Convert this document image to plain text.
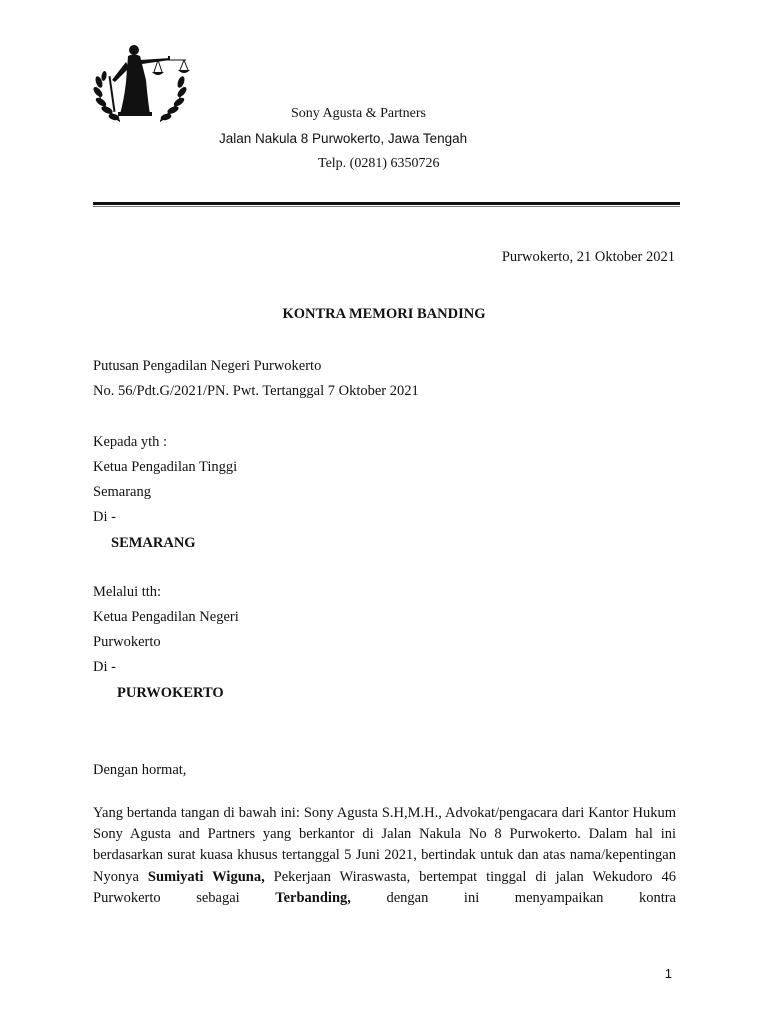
Sony Agusta & Partners
Jalan Nakula 8 Purwokerto, Jawa Tengah
Telp. (0281) 6350726
Purwokerto, 21 Oktober 2021
KONTRA MEMORI BANDING
Putusan Pengadilan Negeri Purwokerto
No. 56/Pdt.G/2021/PN. Pwt. Tertanggal 7 Oktober 2021
Kepada yth :
Ketua Pengadilan Tinggi
Semarang
Di -
SEMARANG
Melalui tth:
Ketua Pengadilan Negeri
Purwokerto
Di -
PURWOKERTO
Dengan hormat,
Yang bertanda tangan di bawah ini: Sony Agusta S.H,M.H., Advokat/pengacara dari Kantor Hukum Sony Agusta and Partners yang berkantor di Jalan Nakula No 8 Purwokerto. Dalam hal ini berdasarkan surat kuasa khusus tertanggal 5 Juni 2021, bertindak untuk dan atas nama/kepentingan Nyonya Sumiyati Wiguna, Pekerjaan Wiraswasta, bertempat tinggal di jalan Wekudoro 46 Purwokerto sebagai Terbanding, dengan ini menyampaikan kontra
1
